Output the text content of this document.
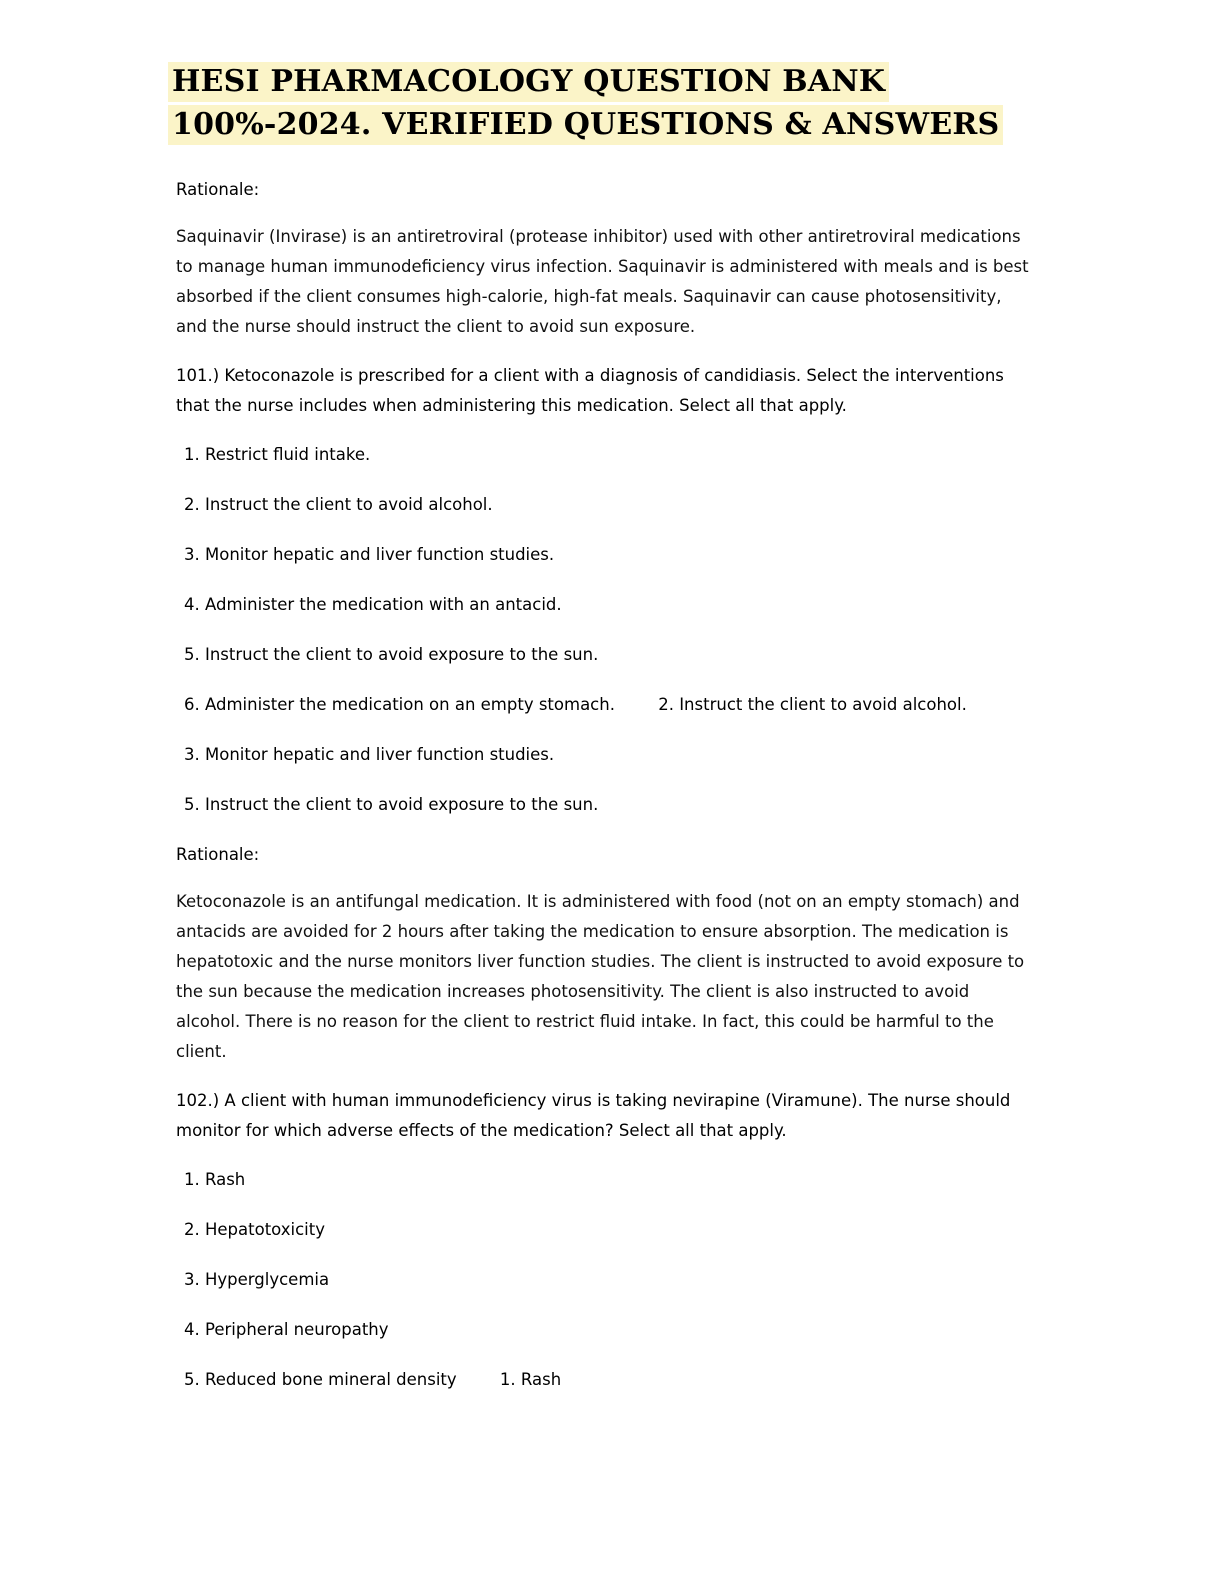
HESI PHARMACOLOGY QUESTION BANK
100%-2024. VERIFIED QUESTIONS & ANSWERS

Rationale:

Saquinavir (Invirase) is an antiretroviral (protease inhibitor) used with other antiretroviral medications to manage human immunodeficiency virus infection. Saquinavir is administered with meals and is best absorbed if the client consumes high-calorie, high-fat meals. Saquinavir can cause photosensitivity, and the nurse should instruct the client to avoid sun exposure.

101.) Ketoconazole is prescribed for a client with a diagnosis of candidiasis. Select the interventions that the nurse includes when administering this medication. Select all that apply.

1. Restrict fluid intake.

2. Instruct the client to avoid alcohol.

3. Monitor hepatic and liver function studies.

4. Administer the medication with an antacid.

5. Instruct the client to avoid exposure to the sun.

6. Administer the medication on an empty stomach.	2. Instruct the client to avoid alcohol.

3. Monitor hepatic and liver function studies.

5. Instruct the client to avoid exposure to the sun.

Rationale:

Ketoconazole is an antifungal medication. It is administered with food (not on an empty stomach) and antacids are avoided for 2 hours after taking the medication to ensure absorption. The medication is hepatotoxic and the nurse monitors liver function studies. The client is instructed to avoid exposure to the sun because the medication increases photosensitivity. The client is also instructed to avoid alcohol. There is no reason for the client to restrict fluid intake. In fact, this could be harmful to the client.

102.) A client with human immunodeficiency virus is taking nevirapine (Viramune). The nurse should monitor for which adverse effects of the medication? Select all that apply.

1. Rash

2. Hepatotoxicity

3. Hyperglycemia

4. Peripheral neuropathy

5. Reduced bone mineral density	1. Rash
